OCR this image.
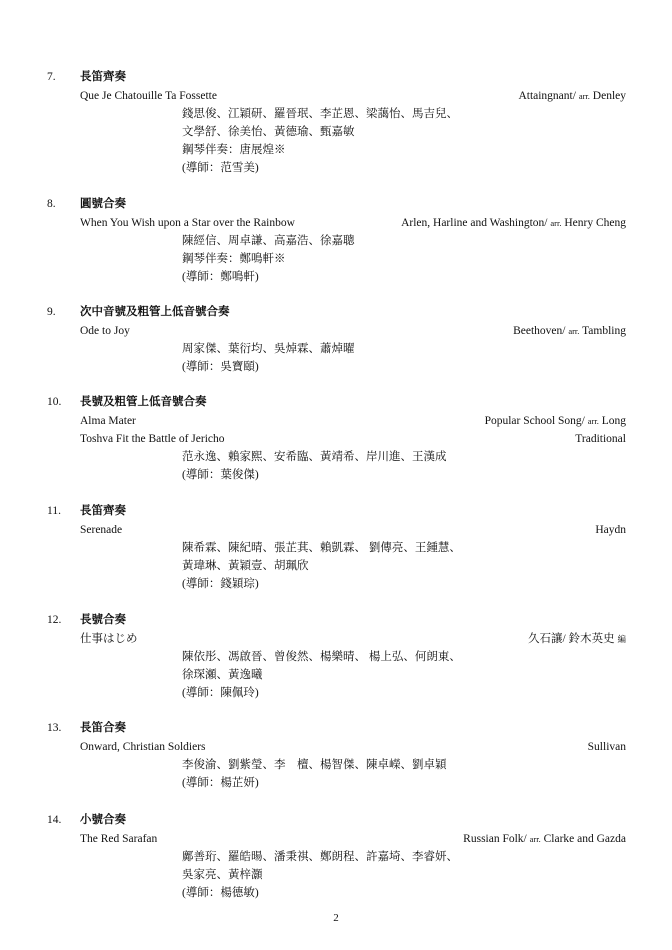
7. 長笛齊奏
Que Je Chatouille Ta Fossette	Attaingnant/ arr. Denley
錢思俊、江穎研、羅晉珉、李芷恩、梁藹怡、馬吉兒、
文學舒、徐美怡、黃德瑜、甄嘉敏
鋼琴伴奏：唐展煌※
(導師：范雪美)
8. 圓號合奏
When You Wish upon a Star over the Rainbow	Arlen, Harline and Washington/ arr. Henry Cheng
陳經信、周卓謙、高嘉浩、徐嘉聰
鋼琴伴奏：鄭鳴軒※
(導師：鄭鳴軒)
9. 次中音號及粗管上低音號合奏
Ode to Joy	Beethoven/ arr. Tambling
周家傑、葉衍均、吳焯霖、蕭焯曜
(導師：吳寶頤)
10. 長號及粗管上低音號合奏
Alma Mater	Popular School Song/ arr. Long
Toshva Fit the Battle of Jericho	Traditional
范永逸、賴家熙、安希臨、黃靖希、岸川進、王漢成
(導師：葉俊傑)
11. 長笛齊奏
Serenade	Haydn
陳希霖、陳紀晴、張芷萁、賴凱霖、 劉傳亮、王鍾慧、
黃瑋琳、黃穎壹、胡珮欣
(導師：錢穎琮)
12. 長號合奏
仕事はじめ	久石讓/ 鈴木英史 編
陳依彤、馮啟晉、曾俊然、楊樂晴、 楊上弘、何朗東、
徐琛瀬、黃逸曦
(導師：陳佩玲)
13. 長笛合奏
Onward, Christian Soldiers	Sullivan
李俊渝、劉紫瑩、李　檀、楊智傑、陳卓嶸、劉卓穎
(導師：楊芷妍)
14. 小號合奏
The Red Sarafan	Russian Folk/ arr. Clarke and Gazda
鄺善珩、羅皓暘、潘秉祺、鄭朗程、許嘉埼、李睿妍、
吳家亮、黃梓灝
(導師：楊德敏)
2
